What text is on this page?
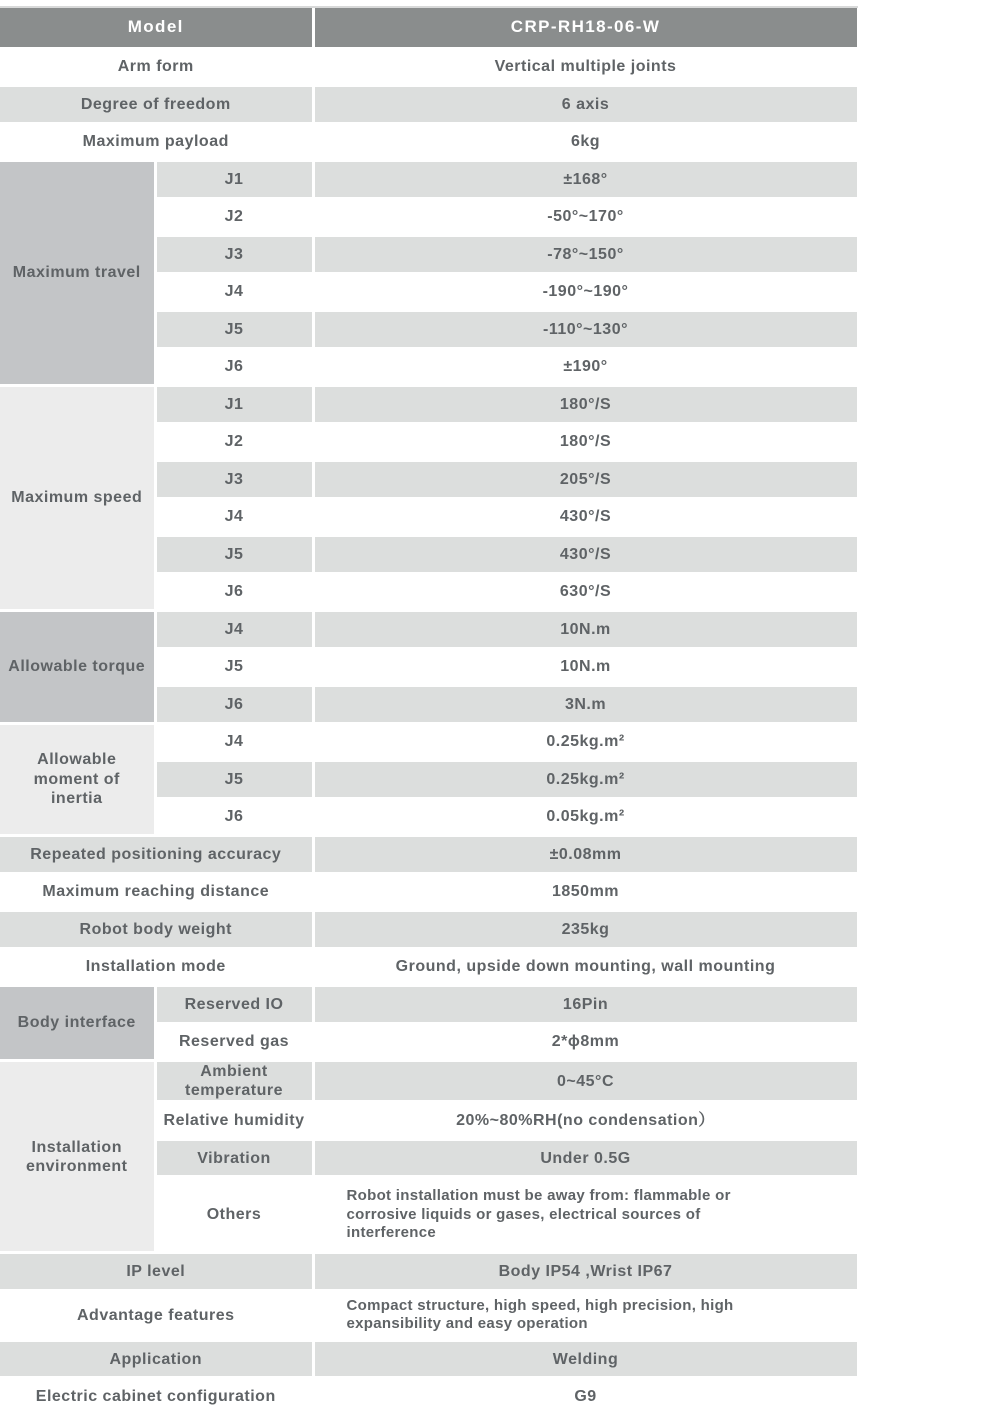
Model		CRP-RH18-06-W
Arm form		Vertical multiple joints
Degree of freedom		6 axis
Maximum payload		6kg
Maximum travel	J1	±168°
	J2	-50°~170°
	J3	-78°~150°
	J4	-190°~190°
	J5	-110°~130°
	J6	±190°
Maximum speed	J1	180°/S
	J2	180°/S
	J3	205°/S
	J4	430°/S
	J5	430°/S
	J6	630°/S
Allowable torque	J4	10N.m
	J5	10N.m
	J6	3N.m
Allowable moment of inertia	J4	0.25kg.m²
	J5	0.25kg.m²
	J6	0.05kg.m²
Repeated positioning accuracy		±0.08mm
Maximum reaching distance		1850mm
Robot body weight		235kg
Installation mode		Ground, upside down mounting, wall mounting
Body interface	Reserved IO	16Pin
	Reserved gas	2*ϕ8mm
Installation environment	Ambient temperature	0~45°C
	Relative humidity	20%~80%RH(no condensation）
	Vibration	Under 0.5G
	Others	Robot installation must be away from: flammable or corrosive liquids or gases, electrical sources of interference
IP level		Body IP54 ,Wrist IP67
Advantage features		Compact structure, high speed, high precision, high expansibility and easy operation
Application		Welding
Electric cabinet configuration		G9
